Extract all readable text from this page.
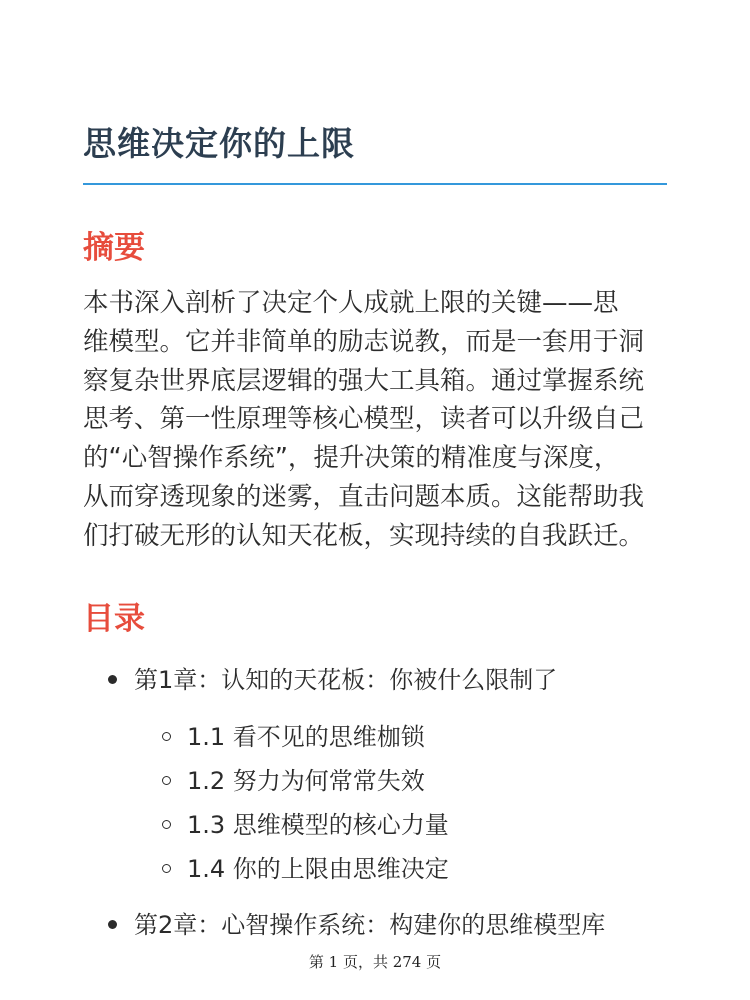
思维决定你的上限
摘要
本书深入剖析了决定个人成就上限的关键——思
维模型。它并非简单的励志说教，而是一套用于洞
察复杂世界底层逻辑的强大工具箱。通过掌握系统
思考、第一性原理等核心模型，读者可以升级自己
的“心智操作系统”，提升决策的精准度与深度，
从而穿透现象的迷雾，直击问题本质。这能帮助我
们打破无形的认知天花板，实现持续的自我跃迁。
目录
第1章：认知的天花板：你被什么限制了
1.1 看不见的思维枷锁
1.2 努力为何常常失效
1.3 思维模型的核心力量
1.4 你的上限由思维决定
第2章：心智操作系统：构建你的思维模型库
第 1 页，共 274 页
